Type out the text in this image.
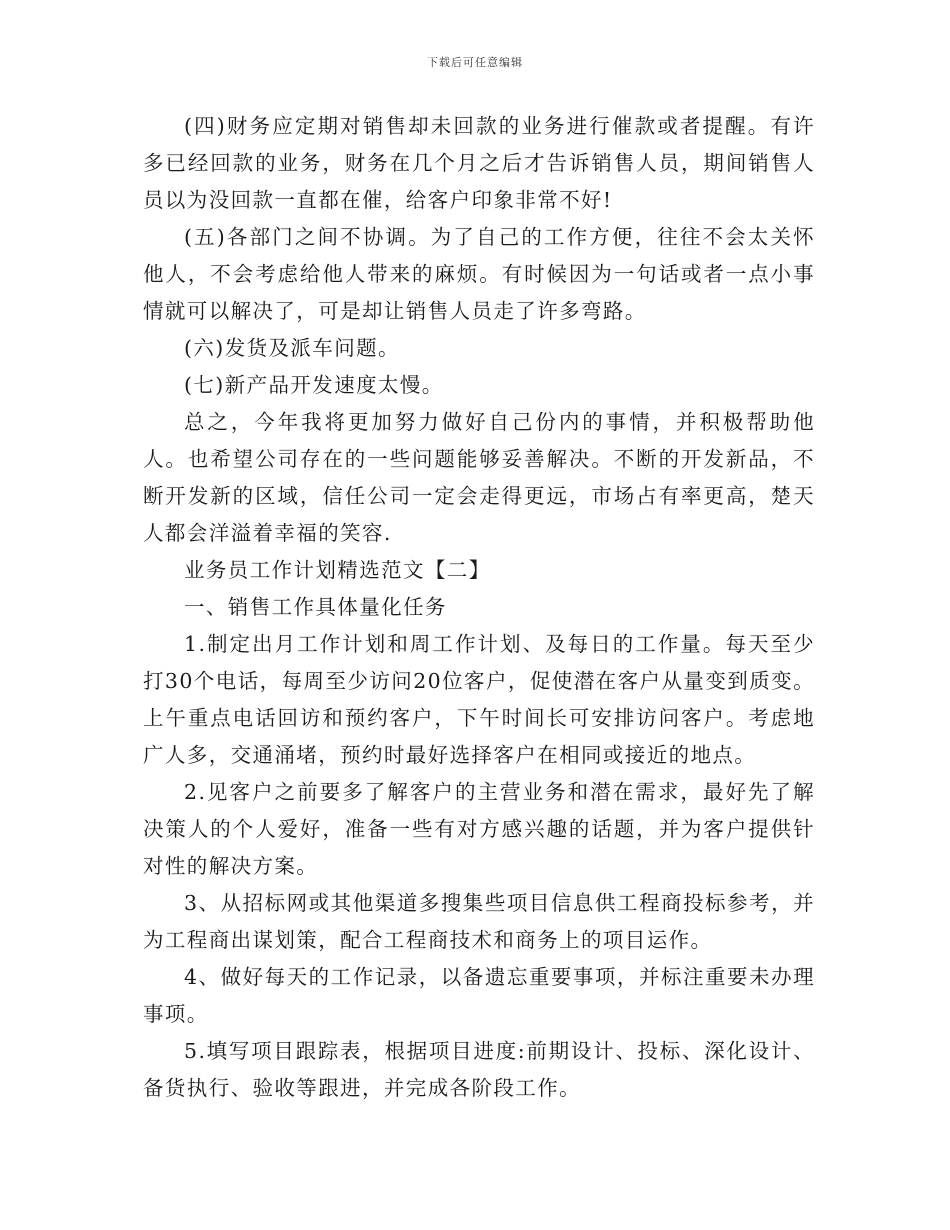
下载后可任意编辑

(四)财务应定期对销售却未回款的业务进行催款或者提醒。有许多已经回款的业务，财务在几个月之后才告诉销售人员，期间销售人员以为没回款一直都在催，给客户印象非常不好!

(五)各部门之间不协调。为了自己的工作方便，往往不会太关怀他人，不会考虑给他人带来的麻烦。有时候因为一句话或者一点小事情就可以解决了，可是却让销售人员走了许多弯路。

(六)发货及派车问题。

(七)新产品开发速度太慢。

总之，今年我将更加努力做好自己份内的事情，并积极帮助他人。也希望公司存在的一些问题能够妥善解决。不断的开发新品，不断开发新的区域，信任公司一定会走得更远，市场占有率更高，楚天人都会洋溢着幸福的笑容.

业务员工作计划精选范文【二】

一、销售工作具体量化任务

1.制定出月工作计划和周工作计划、及每日的工作量。每天至少打30个电话，每周至少访问20位客户，促使潜在客户从量变到质变。上午重点电话回访和预约客户，下午时间长可安排访问客户。考虑地广人多，交通涌堵，预约时最好选择客户在相同或接近的地点。

2.见客户之前要多了解客户的主营业务和潜在需求，最好先了解决策人的个人爱好，准备一些有对方感兴趣的话题，并为客户提供针对性的解决方案。

3、从招标网或其他渠道多搜集些项目信息供工程商投标参考，并为工程商出谋划策，配合工程商技术和商务上的项目运作。

4、做好每天的工作记录，以备遗忘重要事项，并标注重要未办理事项。

5.填写项目跟踪表，根据项目进度:前期设计、投标、深化设计、备货执行、验收等跟进，并完成各阶段工作。
